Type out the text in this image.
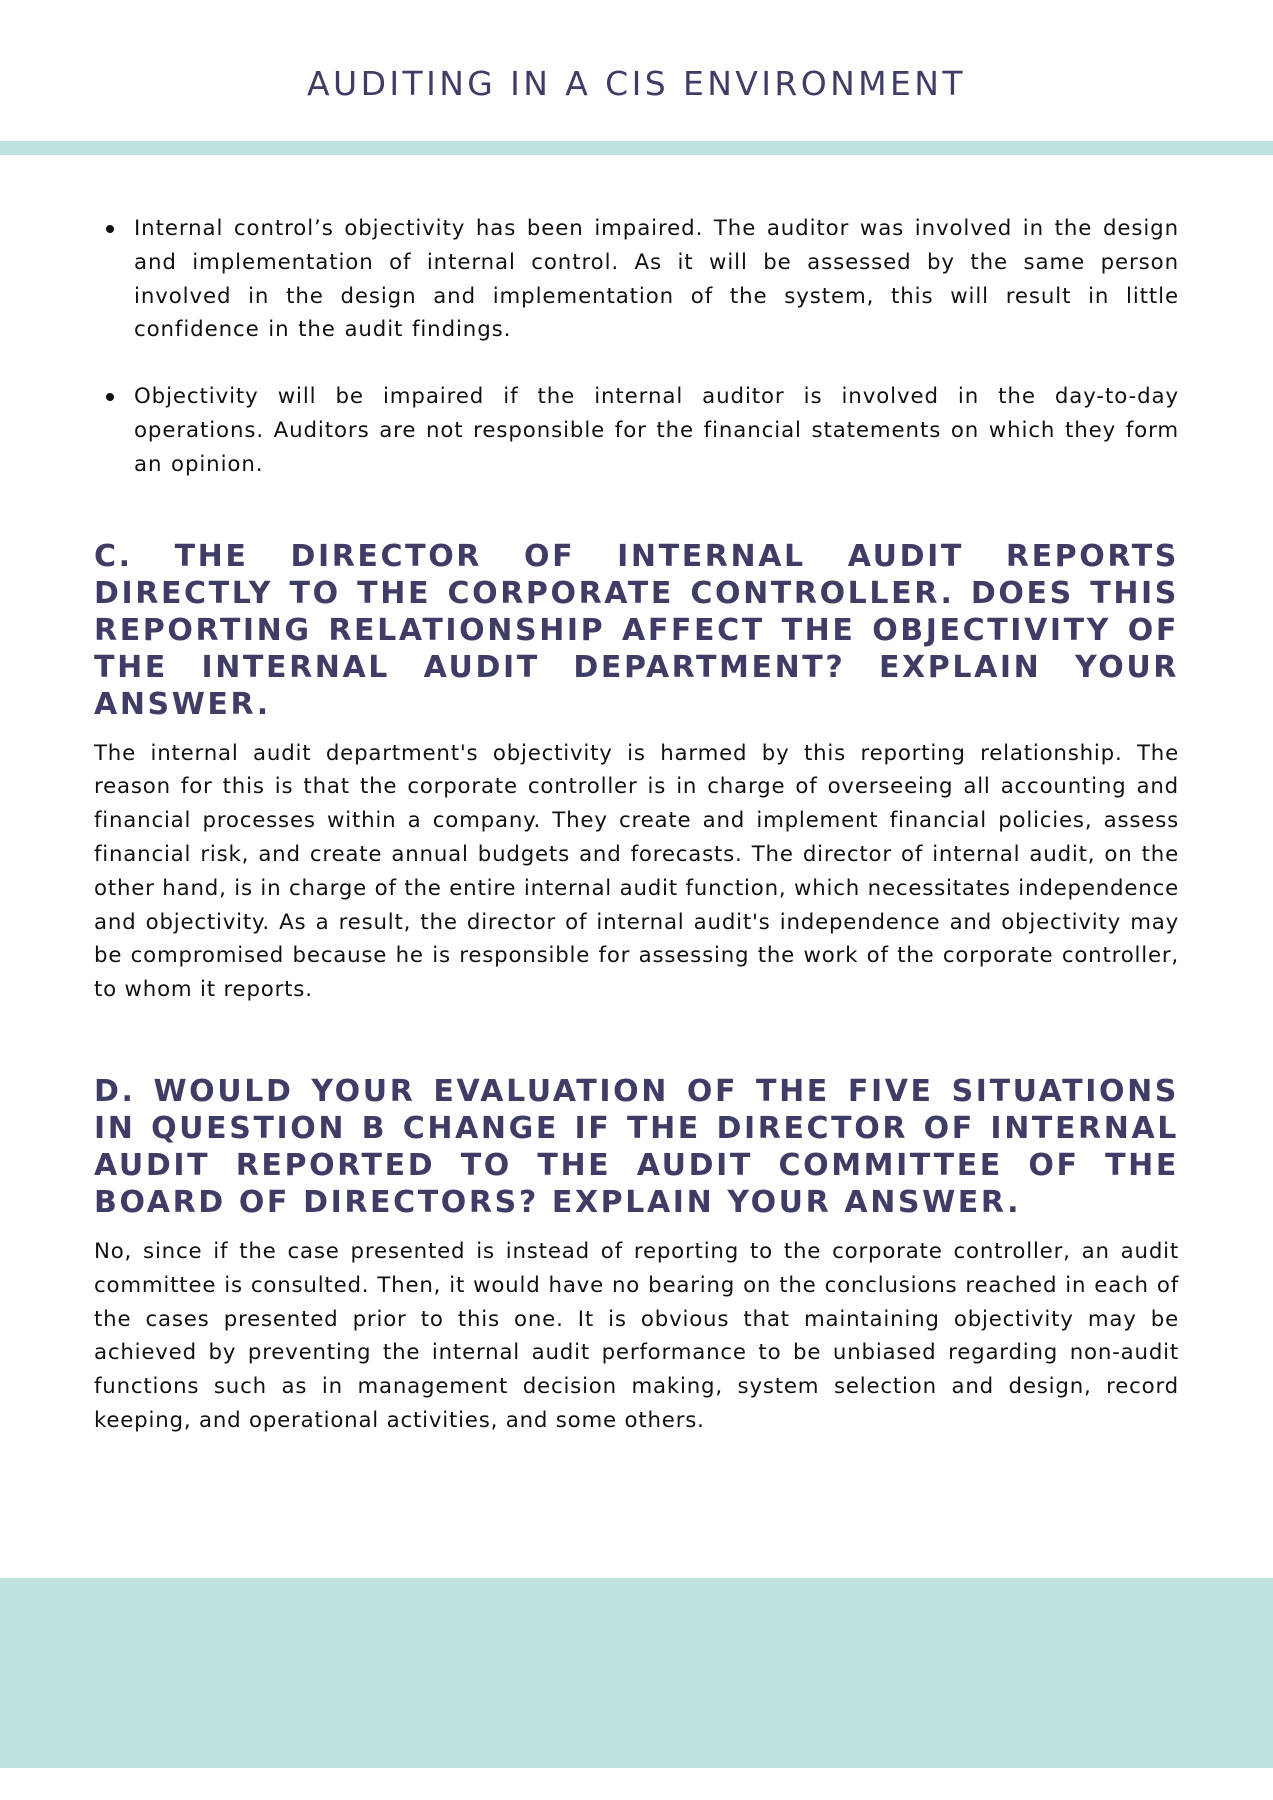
AUDITING IN A CIS ENVIRONMENT
Internal control’s objectivity has been impaired. The auditor was involved in the design and implementation of internal control. As it will be assessed by the same person involved in the design and implementation of the system, this will result in little confidence in the audit findings.
Objectivity will be impaired if the internal auditor is involved in the day-to-day operations. Auditors are not responsible for the financial statements on which they form an opinion.
C. THE DIRECTOR OF INTERNAL AUDIT REPORTS DIRECTLY TO THE CORPORATE CONTROLLER. DOES THIS REPORTING RELATIONSHIP AFFECT THE OBJECTIVITY OF THE INTERNAL AUDIT DEPARTMENT? EXPLAIN YOUR ANSWER.

The internal audit department's objectivity is harmed by this reporting relationship. The reason for this is that the corporate controller is in charge of overseeing all accounting and financial processes within a company. They create and implement financial policies, assess financial risk, and create annual budgets and forecasts. The director of internal audit, on the other hand, is in charge of the entire internal audit function, which necessitates independence and objectivity. As a result, the director of internal audit's independence and objectivity may be compromised because he is responsible for assessing the work of the corporate controller, to whom it reports.

D. WOULD YOUR EVALUATION OF THE FIVE SITUATIONS IN QUESTION B CHANGE IF THE DIRECTOR OF INTERNAL AUDIT REPORTED TO THE AUDIT COMMITTEE OF THE BOARD OF DIRECTORS? EXPLAIN YOUR ANSWER.

No, since if the case presented is instead of reporting to the corporate controller, an audit committee is consulted. Then, it would have no bearing on the conclusions reached in each of the cases presented prior to this one. It is obvious that maintaining objectivity may be achieved by preventing the internal audit performance to be unbiased regarding non-audit functions such as in management decision making, system selection and design, record keeping, and operational activities, and some others.
